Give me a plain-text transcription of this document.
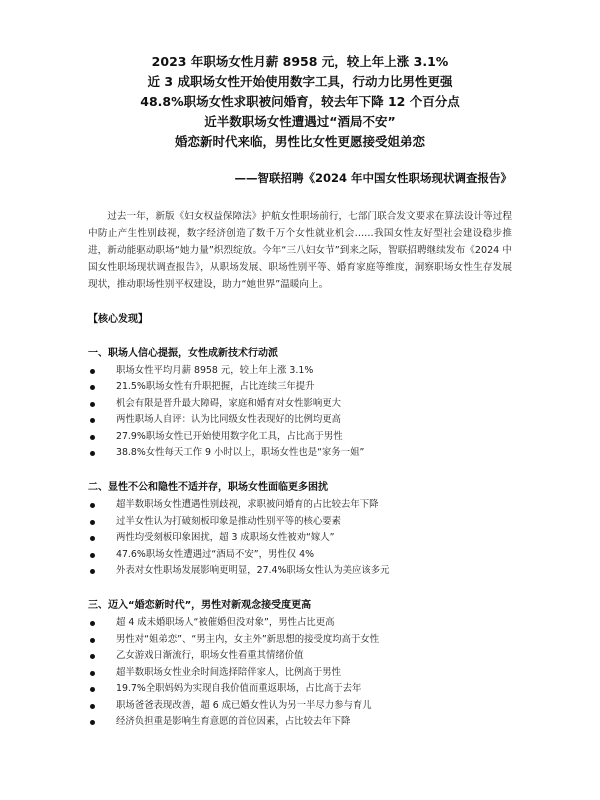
2023 年职场女性月薪 8958 元，较上年上涨 3.1%

近 3 成职场女性开始使用数字工具，行动力比男性更强

48.8%职场女性求职被问婚育，较去年下降 12 个百分点

近半数职场女性遭遇过“酒局不安”

婚恋新时代来临，男性比女性更愿接受姐弟恋

——智联招聘《2024 年中国女性职场现状调查报告》

过去一年，新版《妇女权益保障法》护航女性职场前行，七部门联合发文要求在算法设计等过程中防止产生性别歧视，数字经济创造了数千万个女性就业机会……我国女性友好型社会建设稳步推进，新动能驱动职场“她力量”炽烈绽放。今年“三八妇女节”到来之际，智联招聘继续发布《2024 中国女性职场现状调查报告》，从职场发展、职场性别平等、婚育家庭等维度，洞察职场女性生存发展现状，推动职场性别平权建设，助力“她世界”温暖向上。

【核心发现】
一、职场人信心提振，女性成新技术行动派
职场女性平均月薪 8958 元，较上年上涨 3.1%
21.5%职场女性有升职把握，占比连续三年提升
机会有限是晋升最大障碍，家庭和婚育对女性影响更大
两性职场人自评：认为比同级女性表现好的比例均更高
27.9%职场女性已开始使用数字化工具，占比高于男性
38.8%女性每天工作 9 小时以上，职场女性也是“家务一姐”
二、显性不公和隐性不适并存，职场女性面临更多困扰
超半数职场女性遭遇性别歧视，求职被问婚育的占比较去年下降
过半女性认为打破刻板印象是推动性别平等的核心要素
两性均受刻板印象困扰，超 3 成职场女性被劝“嫁人”
47.6%职场女性遭遇过“酒局不安”，男性仅 4%
外表对女性职场发展影响更明显，27.4%职场女性认为美应该多元
三、迈入“婚恋新时代”，男性对新观念接受度更高
超 4 成未婚职场人“被催婚但没对象”，男性占比更高
男性对“姐弟恋”、“男主内，女主外”新思想的接受度均高于女性
乙女游戏日渐流行，职场女性看重其情绪价值
超半数职场女性业余时间选择陪伴家人，比例高于男性
19.7%全职妈妈为实现自我价值而重返职场，占比高于去年
职场爸爸表现改善，超 6 成已婚女性认为另一半尽力参与育儿
经济负担重是影响生育意愿的首位因素，占比较去年下降
